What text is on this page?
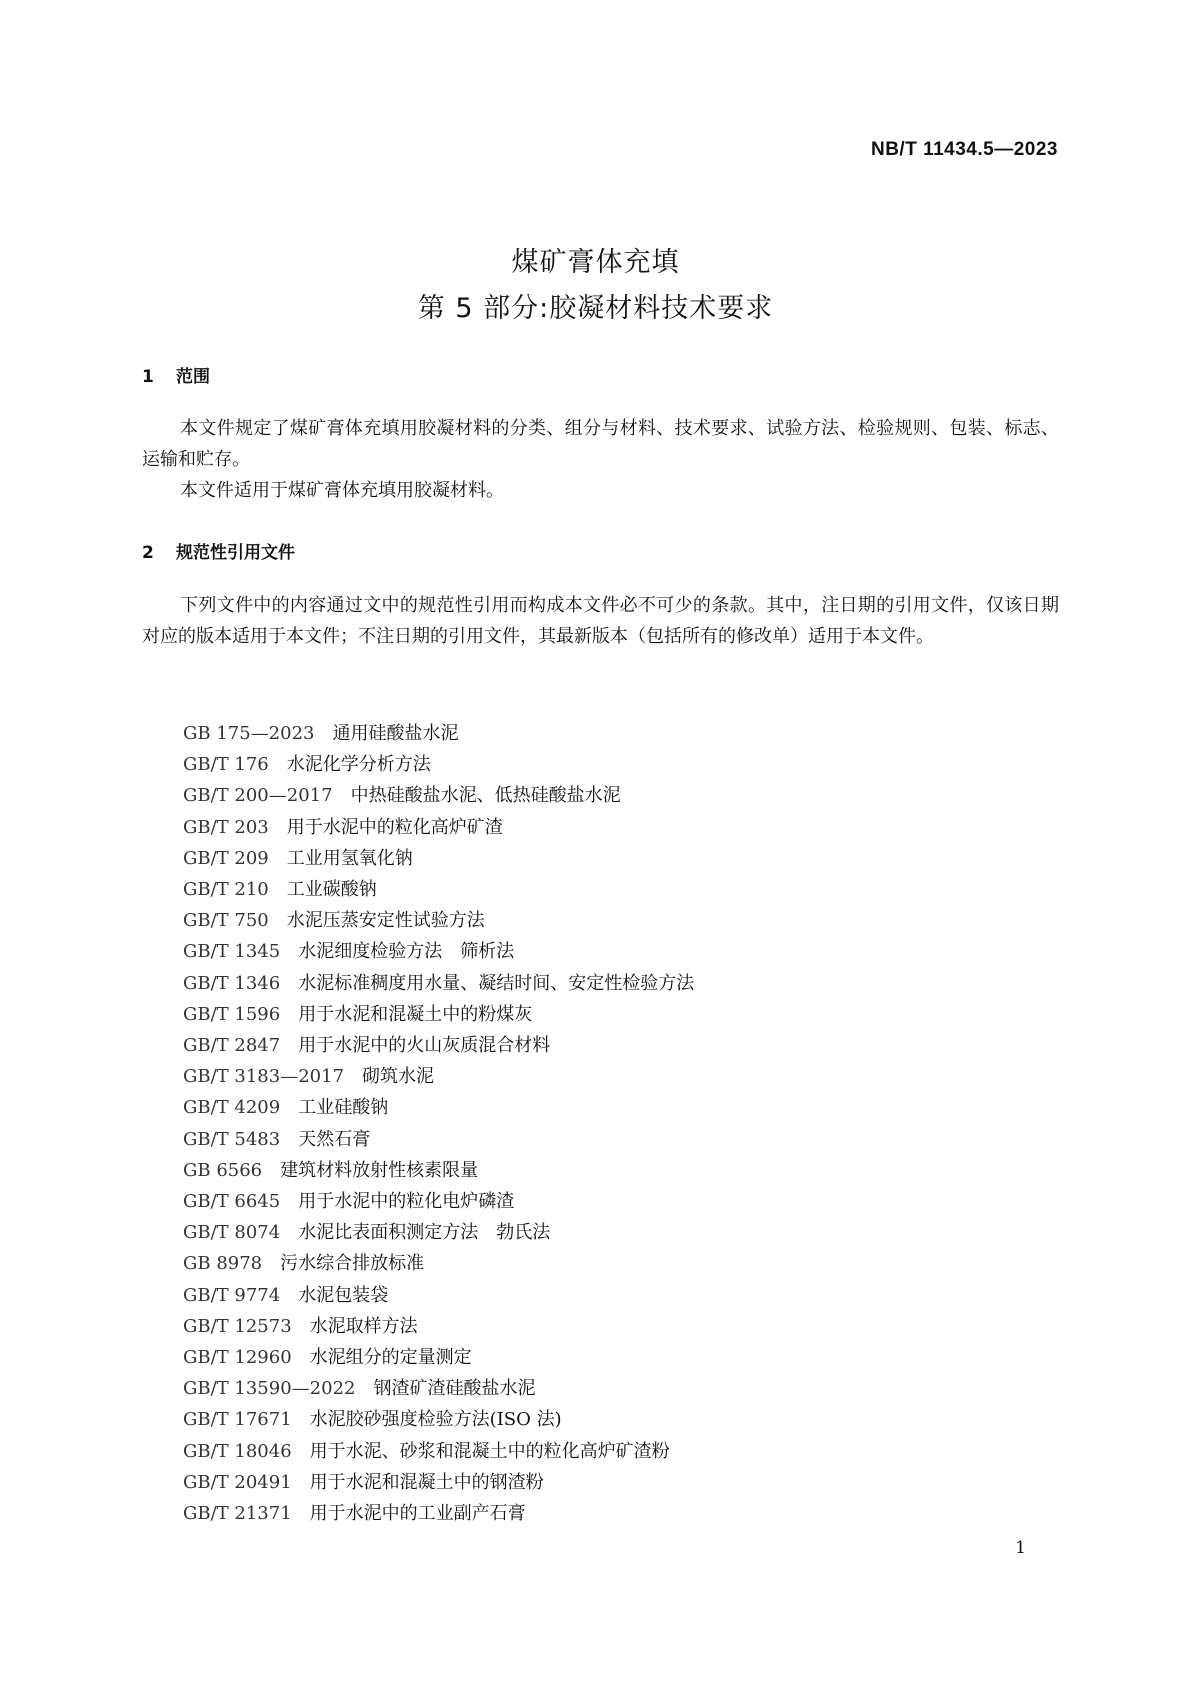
NB/T 11434.5—2023
煤矿膏体充填
第 5 部分:胶凝材料技术要求
1 范围

本文件规定了煤矿膏体充填用胶凝材料的分类、组分与材料、技术要求、试验方法、检验规则、包装、标志、运输和贮存。

本文件适用于煤矿膏体充填用胶凝材料。

2 规范性引用文件

下列文件中的内容通过文中的规范性引用而构成本文件必不可少的条款。其中，注日期的引用文件，仅该日期对应的版本适用于本文件；不注日期的引用文件，其最新版本（包括所有的修改单）适用于本文件。

GB 175—2023 通用硅酸盐水泥
GB/T 176 水泥化学分析方法
GB/T 200—2017 中热硅酸盐水泥、低热硅酸盐水泥
GB/T 203 用于水泥中的粒化高炉矿渣
GB/T 209 工业用氢氧化钠
GB/T 210 工业碳酸钠
GB/T 750 水泥压蒸安定性试验方法
GB/T 1345 水泥细度检验方法　筛析法
GB/T 1346 水泥标准稠度用水量、凝结时间、安定性检验方法
GB/T 1596 用于水泥和混凝土中的粉煤灰
GB/T 2847 用于水泥中的火山灰质混合材料
GB/T 3183—2017 砌筑水泥
GB/T 4209 工业硅酸钠
GB/T 5483 天然石膏
GB 6566 建筑材料放射性核素限量
GB/T 6645 用于水泥中的粒化电炉磷渣
GB/T 8074 水泥比表面积测定方法　勃氏法
GB 8978 污水综合排放标准
GB/T 9774 水泥包装袋
GB/T 12573 水泥取样方法
GB/T 12960 水泥组分的定量测定
GB/T 13590—2022 钢渣矿渣硅酸盐水泥
GB/T 17671 水泥胶砂强度检验方法(ISO 法)
GB/T 18046 用于水泥、砂浆和混凝土中的粒化高炉矿渣粉
GB/T 20491 用于水泥和混凝土中的钢渣粉
GB/T 21371 用于水泥中的工业副产石膏
1
